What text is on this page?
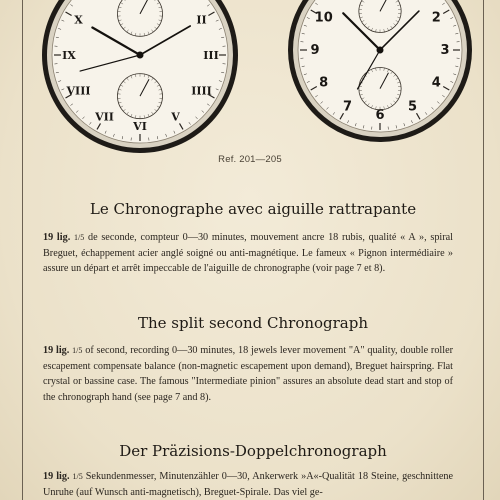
II
III
IIII
V
VI
VII
VIII
IX
X	2
3
4
5
6
7
8
9
10
Ref. 201—205
Le Chronographe avec aiguille rattrapante
19 lig. 1/5 de seconde, compteur 0—30 minutes, mouvement ancre 18 rubis, qualité « A », spiral Breguet, échappement acier anglé soigné ou anti-magnétique. Le fameux « Pignon intermédiaire » assure un départ et arrêt impeccable de l'aiguille de chronographe (voir page 7 et 8).
The split second Chronograph
19 lig. 1/5 of second, recording 0—30 minutes, 18 jewels lever movement "A" quality, double roller escapement compensate balance (non-magnetic escapement upon demand), Breguet hairspring. Flat crystal or bassine case. The famous "Intermediate pinion" assures an absolute dead start and stop of the chronograph hand (see page 7 and 8).
Der Präzisions-Doppelchronograph
19 lig. 1/5 Sekundenmesser, Minutenzähler 0—30, Ankerwerk »A«-Qualität 18 Steine, geschnittene Unruhe (auf Wunsch anti-magnetisch), Breguet-Spirale. Das viel ge-
